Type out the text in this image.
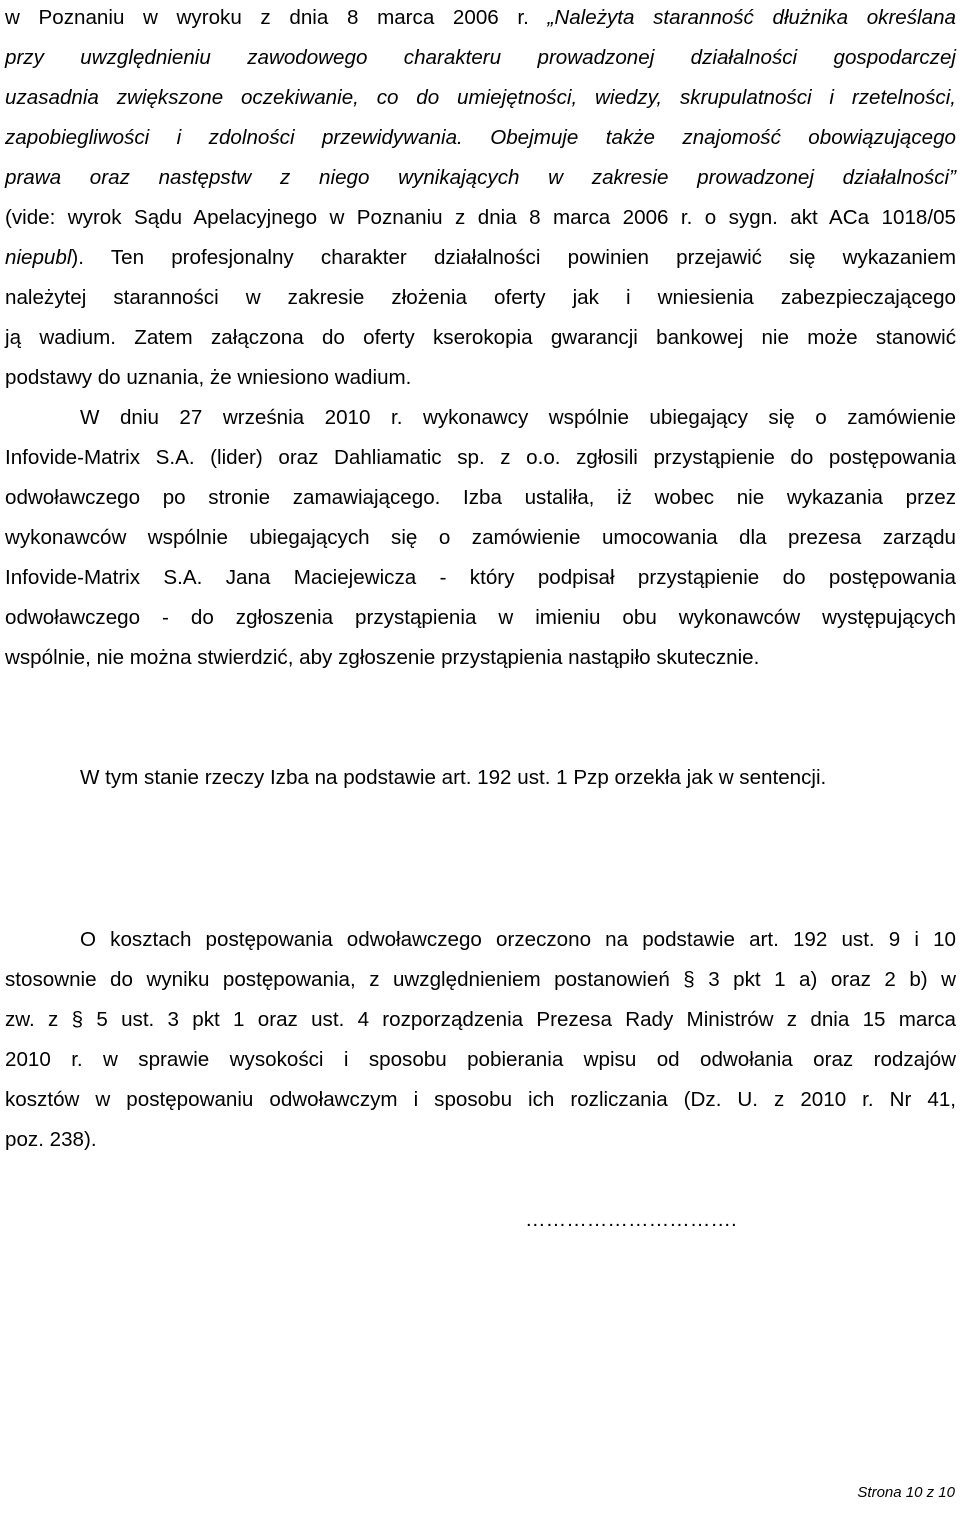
w Poznaniu w wyroku z dnia 8 marca 2006 r. „Należyta staranność dłużnika określana
przy uwzględnieniu zawodowego charakteru prowadzonej działalności gospodarczej
uzasadnia zwiększone oczekiwanie, co do umiejętności, wiedzy, skrupulatności i rzetelności,
zapobiegliwości i zdolności przewidywania. Obejmuje także znajomość obowiązującego
prawa oraz następstw z niego wynikających w zakresie prowadzonej działalności”
(vide: wyrok Sądu Apelacyjnego w Poznaniu z dnia 8 marca 2006 r. o sygn. akt ACa 1018/05
niepubl). Ten profesjonalny charakter działalności powinien przejawić się wykazaniem
należytej staranności w zakresie złożenia oferty jak i wniesienia zabezpieczającego
ją wadium. Zatem załączona do oferty kserokopia gwarancji bankowej nie może stanowić
podstawy do uznania, że wniesiono wadium.
W dniu 27 września 2010 r. wykonawcy wspólnie ubiegający się o zamówienie
Infovide-Matrix S.A. (lider) oraz Dahliamatic sp. z o.o. zgłosili przystąpienie do postępowania
odwoławczego po stronie zamawiającego. Izba ustaliła, iż wobec nie wykazania przez
wykonawców wspólnie ubiegających się o zamówienie umocowania dla prezesa zarządu
Infovide-Matrix S.A. Jana Maciejewicza - który podpisał przystąpienie do postępowania
odwoławczego - do zgłoszenia przystąpienia w imieniu obu wykonawców występujących
wspólnie, nie można stwierdzić, aby zgłoszenie przystąpienia nastąpiło skutecznie.
W tym stanie rzeczy Izba na podstawie art. 192 ust. 1 Pzp orzekła jak w sentencji.
O kosztach postępowania odwoławczego orzeczono na podstawie art. 192 ust. 9 i 10
stosownie do wyniku postępowania, z uwzględnieniem postanowień § 3 pkt 1 a) oraz 2 b) w
zw. z § 5 ust. 3 pkt 1 oraz ust. 4 rozporządzenia Prezesa Rady Ministrów z dnia 15 marca
2010 r. w sprawie wysokości i sposobu pobierania wpisu od odwołania oraz rodzajów
kosztów w postępowaniu odwoławczym i sposobu ich rozliczania (Dz. U. z 2010 r. Nr 41,
poz. 238).
………………………….
Strona 10 z 10
